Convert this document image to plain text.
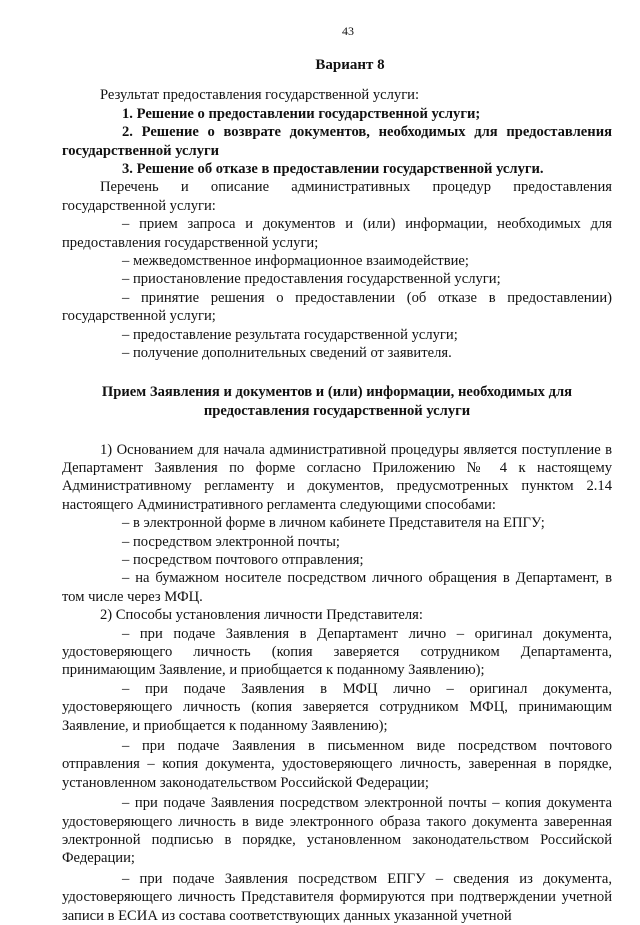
43

Вариант 8

Результат предоставления государственной услуги:

1. Решение о предоставлении государственной услуги;

2. Решение о возврате документов, необходимых для предоставления государственной услуги

3. Решение об отказе в предоставлении государственной услуги.

Перечень и описание административных процедур предоставления государственной услуги:

– прием запроса и документов и (или) информации, необходимых для предоставления государственной услуги;

– межведомственное информационное взаимодействие;

– приостановление предоставления государственной услуги;

– принятие решения о предоставлении (об отказе в предоставлении) государственной услуги;

– предоставление результата государственной услуги;

– получение дополнительных сведений от заявителя.

Прием Заявления и документов и (или) информации, необходимых для предоставления государственной услуги

1) Основанием для начала административной процедуры является поступление в Департамент Заявления по форме согласно Приложению № 4 к настоящему Административному регламенту и документов, предусмотренных пунктом 2.14 настоящего Административного регламента следующими способами:

– в электронной форме в личном кабинете Представителя на ЕПГУ;

– посредством электронной почты;

– посредством почтового отправления;

– на бумажном носителе посредством личного обращения в Департамент, в том числе через МФЦ.

2) Способы установления личности Представителя:

– при подаче Заявления в Департамент лично – оригинал документа, удостоверяющего личность (копия заверяется сотрудником Департамента, принимающим Заявление, и приобщается к поданному Заявлению);

– при подаче Заявления в МФЦ лично – оригинал документа, удостоверяющего личность (копия заверяется сотрудником МФЦ, принимающим Заявление, и приобщается к поданному Заявлению);

– при подаче Заявления в письменном виде посредством почтового отправления – копия документа, удостоверяющего личность, заверенная в порядке, установленном законодательством Российской Федерации;

– при подаче Заявления посредством электронной почты – копия документа удостоверяющего личность в виде электронного образа такого документа заверенная электронной подписью в порядке, установленном законодательством Российской Федерации;

– при подаче Заявления посредством ЕПГУ – сведения из документа, удостоверяющего личность Представителя формируются при подтверждении учетной записи в ЕСИА из состава соответствующих данных указанной учетной
